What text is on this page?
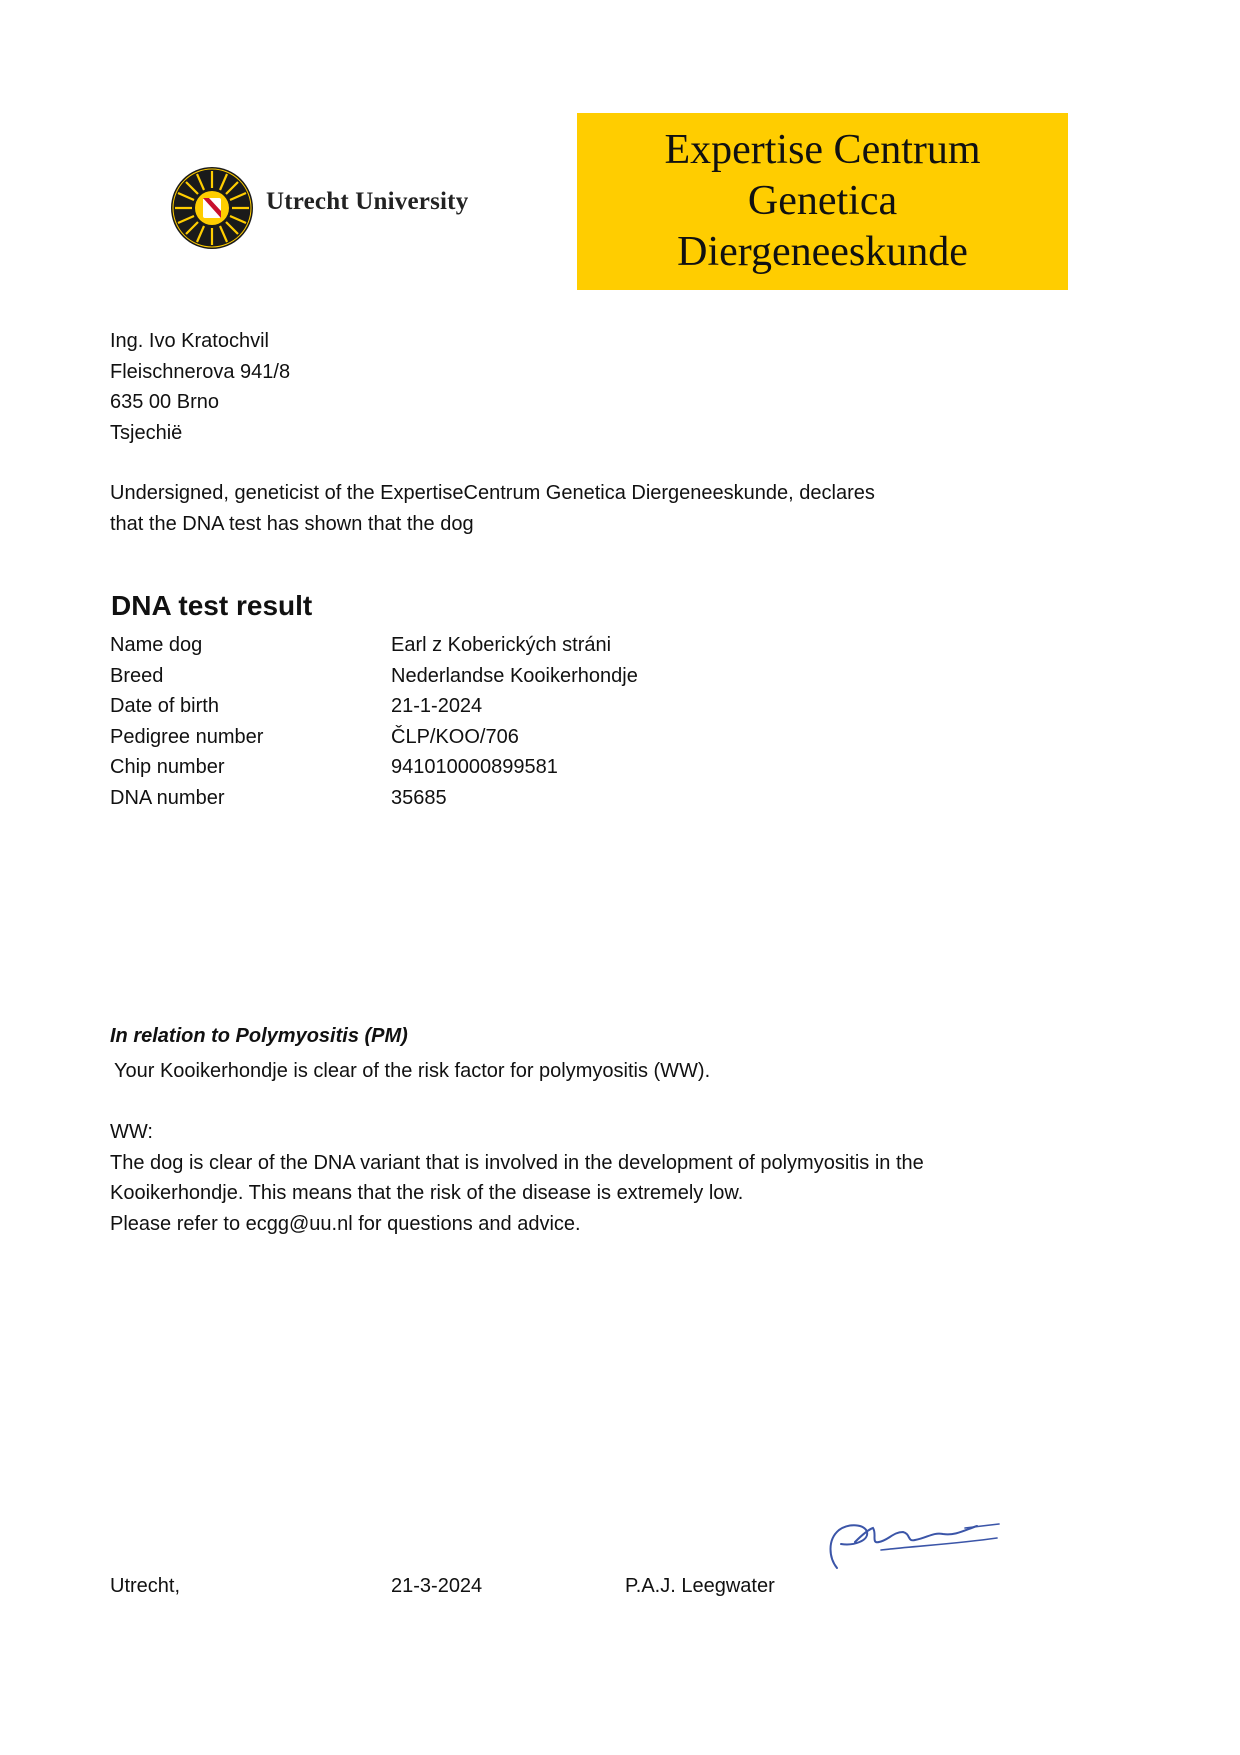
Utrecht University
Expertise Centrum
Genetica
Diergeneeskunde
Ing. Ivo Kratochvil
Fleischnerova 941/8
635 00 Brno
Tsjechië
Undersigned, geneticist of the ExpertiseCentrum Genetica Diergeneeskunde, declares
that the DNA test has shown that the dog
DNA test result
Name dog	Earl z Koberických stráni
Breed	Nederlandse Kooikerhondje
Date of birth	21-1-2024
Pedigree number	ČLP/KOO/706
Chip number	941010000899581
DNA number	35685
In relation to Polymyositis (PM)
Your Kooikerhondje is clear of the risk factor for polymyositis (WW).
WW:
The dog is clear of the DNA variant that is involved in the development of polymyositis in the
Kooikerhondje. This means that the risk of the disease is extremely low.
Please refer to ecgg@uu.nl for questions and advice.
Utrecht,	21-3-2024	P.A.J. Leegwater
